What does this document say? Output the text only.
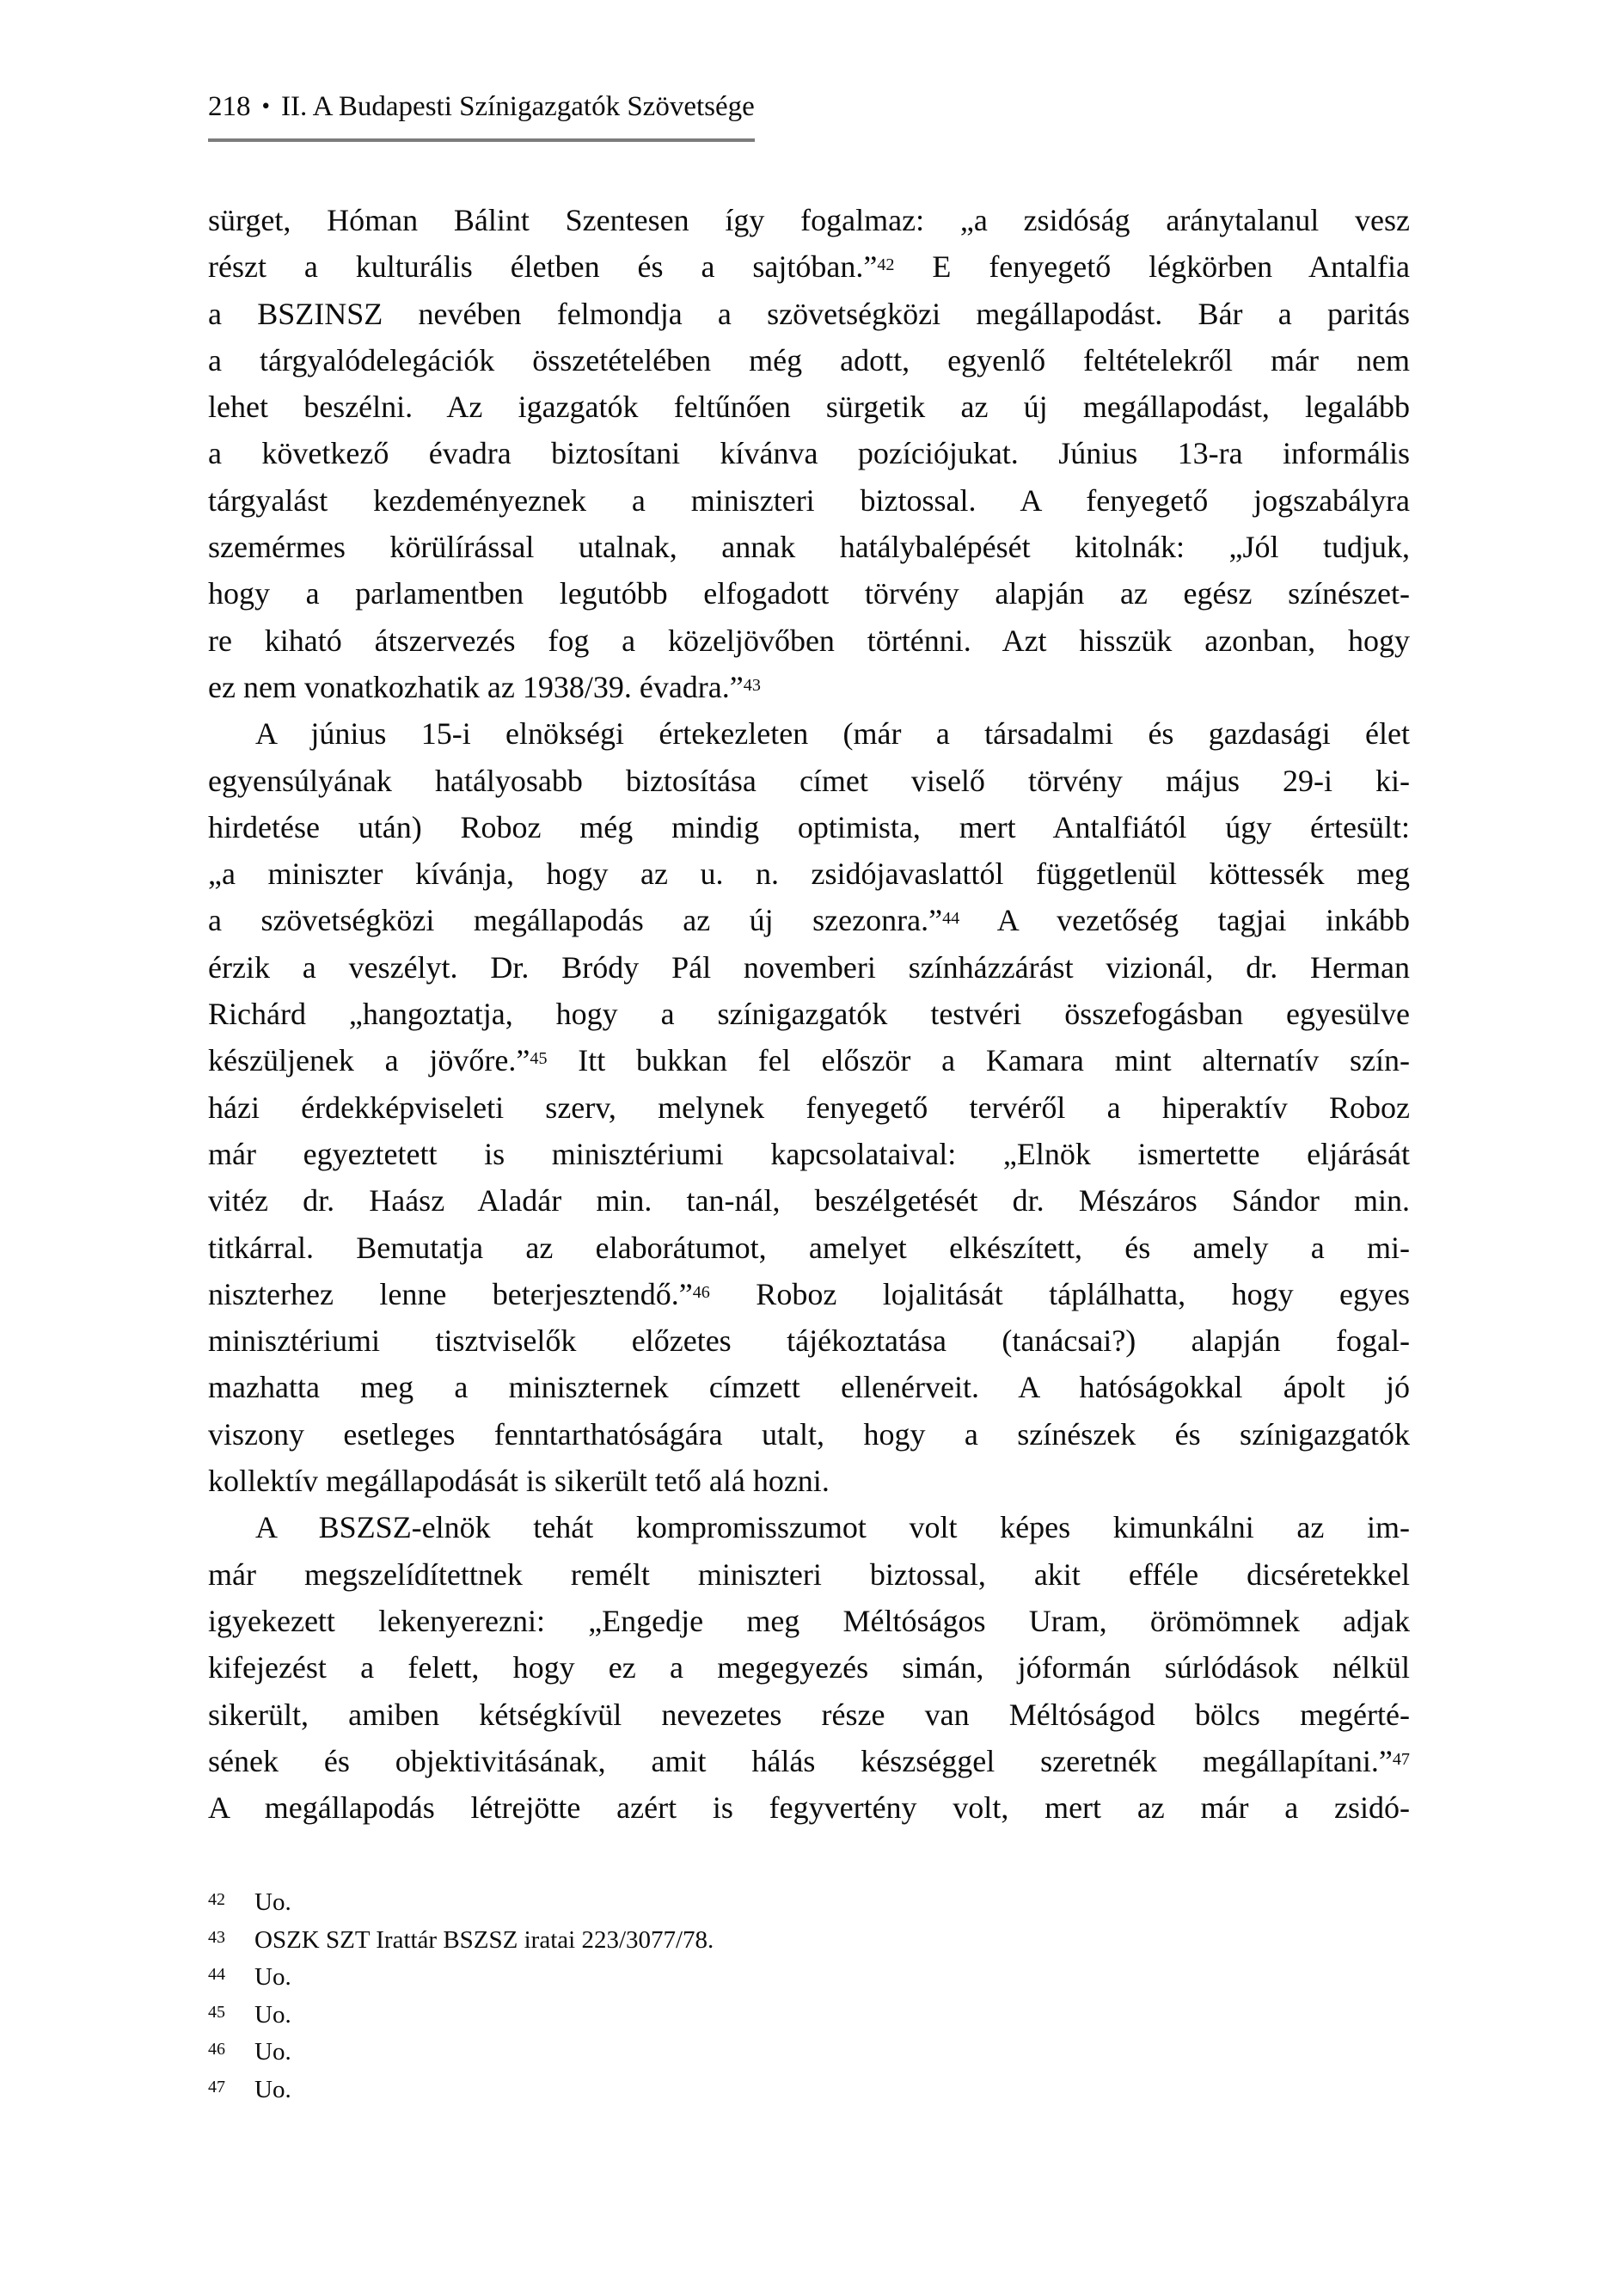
218 • II. A Budapesti Színigazgatók Szövetsége
sürget, Hóman Bálint Szentesen így fogalmaz: „a zsidóság aránytalanul vesz
részt a kulturális életben és a sajtóban.”$^{42}$ E fenyegető légkörben Antalfia
a BSZINSZ nevében felmondja a szövetségközi megállapodást. Bár a paritás
a tárgyalódelegációk összetételében még adott, egyenlő feltételekről már nem
lehet beszélni. Az igazgatók feltűnően sürgetik az új megállapodást, legalább
a következő évadra biztosítani kívánva pozíciójukat. Június 13-ra informális
tárgyalást kezdeményeznek a miniszteri biztossal. A fenyegető jogszabályra
szemérmes körülírással utalnak, annak hatálybalépését kitolnák: „Jól tudjuk,
hogy a parlamentben legutóbb elfogadott törvény alapján az egész színészet-
re kiható átszervezés fog a közeljövőben történni. Azt hisszük azonban, hogy
ez nem vonatkozhatik az 1938/39. évadra.”$^{43}$
A június 15-i elnökségi értekezleten (már a társadalmi és gazdasági élet
egyensúlyának hatályosabb biztosítása címet viselő törvény május 29-i ki-
hirdetése után) Roboz még mindig optimista, mert Antalfiától úgy értesült:
„a miniszter kívánja, hogy az u. n. zsidójavaslattól függetlenül köttessék meg
a szövetségközi megállapodás az új szezonra.”$^{44}$ A vezetőség tagjai inkább
érzik a veszélyt. Dr. Bródy Pál novemberi színházzárást vizionál, dr. Herman
Richárd „hangoztatja, hogy a színigazgatók testvéri összefogásban egyesülve
készüljenek a jövőre.”$^{45}$ Itt bukkan fel először a Kamara mint alternatív szín-
házi érdekképviseleti szerv, melynek fenyegető tervéről a hiperaktív Roboz
már egyeztetett is minisztériumi kapcsolataival: „Elnök ismertette eljárását
vitéz dr. Haász Aladár min. tan-nál, beszélgetését dr. Mészáros Sándor min.
titkárral. Bemutatja az elaborátumot, amelyet elkészített, és amely a mi-
niszterhez lenne beterjesztendő.”$^{46}$ Roboz lojalitását táplálhatta, hogy egyes
minisztériumi tisztviselők előzetes tájékoztatása (tanácsai?) alapján fogal-
mazhatta meg a miniszternek címzett ellenérveit. A hatóságokkal ápolt jó
viszony esetleges fenntarthatóságára utalt, hogy a színészek és színigazgatók
kollektív megállapodását is sikerült tető alá hozni.
A BSZSZ-elnök tehát kompromisszumot volt képes kimunkálni az im-
már megszelídítettnek remélt miniszteri biztossal, akit efféle dicséretekkel
igyekezett lekenyerezni: „Engedje meg Méltóságos Uram, örömömnek adjak
kifejezést a felett, hogy ez a megegyezés simán, jóformán súrlódások nélkül
sikerült, amiben kétségkívül nevezetes része van Méltóságod bölcs megérté-
sének és objektivitásának, amit hálás készséggel szeretnék megállapítani.”$^{47}$
A megállapodás létrejötte azért is fegyvertény volt, mert az már a zsidó-
42	Uo.
43	OSZK SZT Irattár BSZSZ iratai 223/3077/78.
44	Uo.
45	Uo.
46	Uo.
47	Uo.
